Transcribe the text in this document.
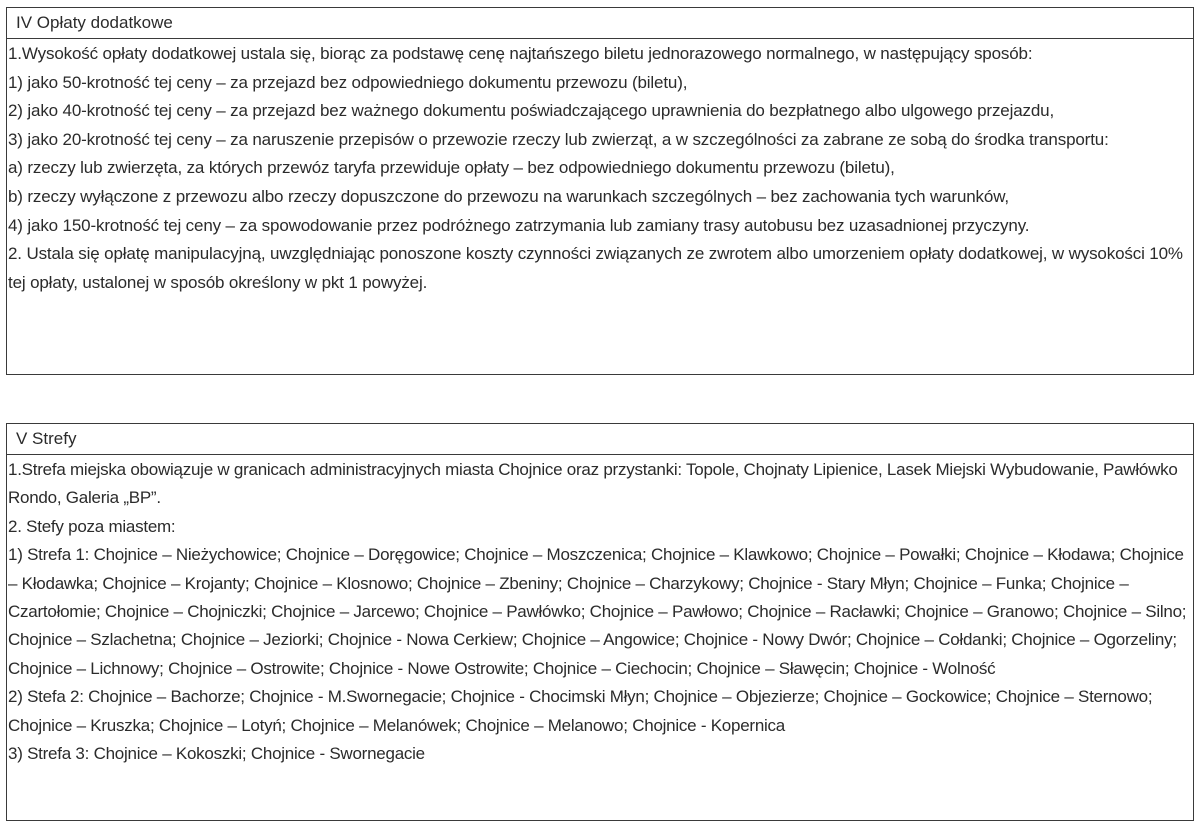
IV Opłaty dodatkowe

1.Wysokość opłaty dodatkowej ustala się, biorąc za podstawę cenę najtańszego biletu jednorazowego normalnego, w następujący sposób:

1) jako 50-krotność tej ceny – za przejazd bez odpowiedniego dokumentu przewozu (biletu),

2) jako 40-krotność tej ceny – za przejazd bez ważnego dokumentu poświadczającego uprawnienia do bezpłatnego albo ulgowego przejazdu,

3) jako 20-krotność tej ceny – za naruszenie przepisów o przewozie rzeczy lub zwierząt, a w szczególności za zabrane ze sobą do środka transportu:

a) rzeczy lub zwierzęta, za których przewóz taryfa przewiduje opłaty – bez odpowiedniego dokumentu przewozu (biletu),

b) rzeczy wyłączone z przewozu albo rzeczy dopuszczone do przewozu na warunkach szczególnych – bez zachowania tych warunków,

4) jako 150-krotność tej ceny – za spowodowanie przez podróżnego zatrzymania lub zamiany trasy autobusu bez uzasadnionej przyczyny.

2. Ustala się opłatę manipulacyjną, uwzględniając ponoszone koszty czynności związanych ze zwrotem albo umorzeniem opłaty dodatkowej, w wysokości 10% tej opłaty, ustalonej w sposób określony w pkt 1 powyżej.

V Strefy

1.Strefa miejska obowiązuje w granicach administracyjnych miasta Chojnice oraz przystanki: Topole, Chojnaty Lipienice, Lasek Miejski Wybudowanie, Pawłówko Rondo, Galeria „BP”.

2. Stefy poza miastem:

1) Strefa 1: Chojnice – Nieżychowice; Chojnice – Doręgowice; Chojnice – Moszczenica; Chojnice – Klawkowo; Chojnice – Powałki; Chojnice – Kłodawa; Chojnice – Kłodawka; Chojnice – Krojanty; Chojnice – Klosnowo; Chojnice – Zbeniny; Chojnice – Charzykowy; Chojnice - Stary Młyn; Chojnice – Funka; Chojnice – Czartołomie; Chojnice – Chojniczki; Chojnice – Jarcewo; Chojnice – Pawłówko; Chojnice – Pawłowo; Chojnice – Racławki; Chojnice – Granowo; Chojnice – Silno; Chojnice – Szlachetna; Chojnice – Jeziorki; Chojnice - Nowa Cerkiew; Chojnice – Angowice; Chojnice - Nowy Dwór; Chojnice – Cołdanki; Chojnice – Ogorzeliny; Chojnice – Lichnowy; Chojnice – Ostrowite; Chojnice - Nowe Ostrowite; Chojnice – Ciechocin; Chojnice – Sławęcin; Chojnice - Wolność

2) Stefa 2: Chojnice – Bachorze; Chojnice - M.Swornegacie; Chojnice - Chocimski Młyn; Chojnice – Objezierze; Chojnice – Gockowice; Chojnice – Sternowo; Chojnice – Kruszka; Chojnice – Lotyń; Chojnice – Melanówek; Chojnice – Melanowo; Chojnice - Kopernica

3) Strefa 3: Chojnice – Kokoszki; Chojnice - Swornegacie
